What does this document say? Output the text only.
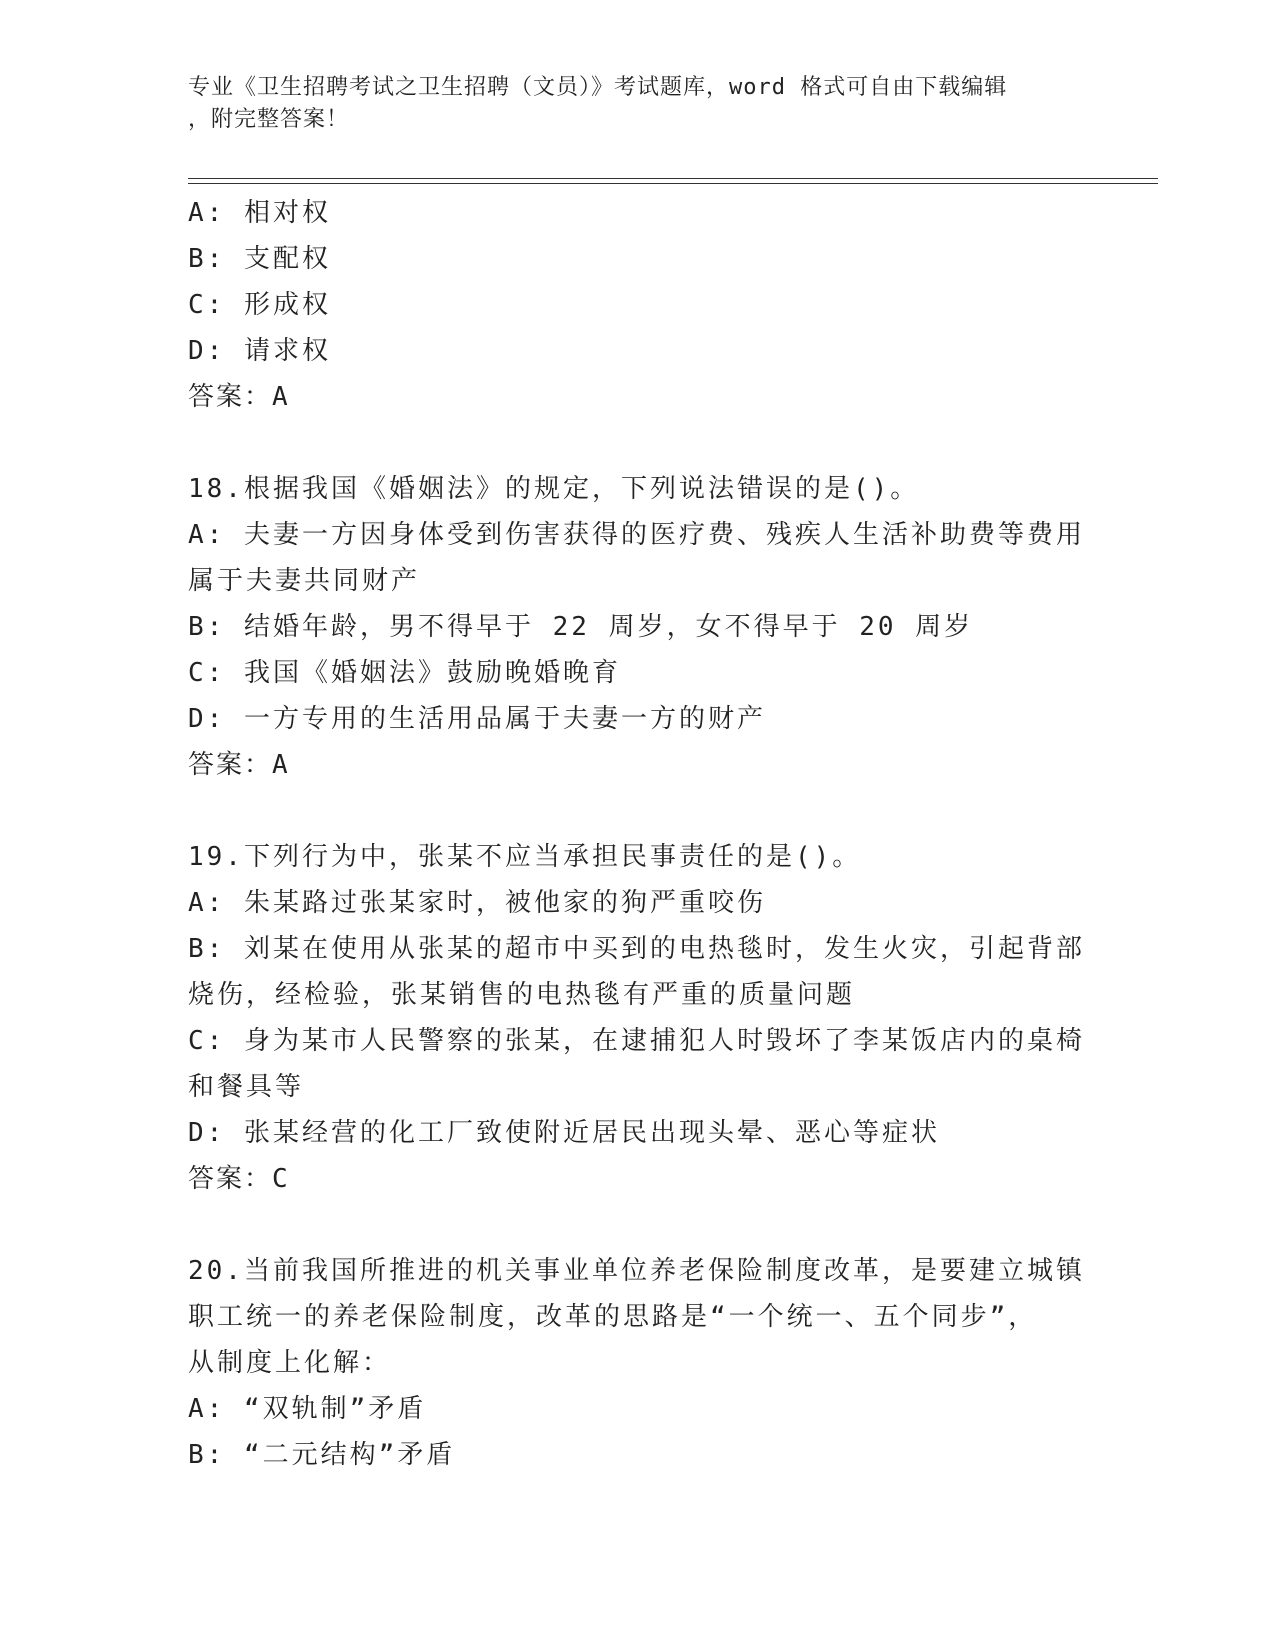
专业《卫生招聘考试之卫生招聘（文员）》考试题库，word 格式可自由下载编辑
，附完整答案！
A: 相对权
B: 支配权
C: 形成权
D: 请求权
答案：A
18.根据我国《婚姻法》的规定，下列说法错误的是()。
A: 夫妻一方因身体受到伤害获得的医疗费、残疾人生活补助费等费用
属于夫妻共同财产
B: 结婚年龄，男不得早于 22 周岁，女不得早于 20 周岁
C: 我国《婚姻法》鼓励晚婚晚育
D: 一方专用的生活用品属于夫妻一方的财产
答案：A
19.下列行为中，张某不应当承担民事责任的是()。
A: 朱某路过张某家时，被他家的狗严重咬伤
B: 刘某在使用从张某的超市中买到的电热毯时，发生火灾，引起背部
烧伤，经检验，张某销售的电热毯有严重的质量问题
C: 身为某市人民警察的张某，在逮捕犯人时毁坏了李某饭店内的桌椅
和餐具等
D: 张某经营的化工厂致使附近居民出现头晕、恶心等症状
答案：C
20.当前我国所推进的机关事业单位养老保险制度改革，是要建立城镇
职工统一的养老保险制度，改革的思路是“一个统一、五个同步”，
从制度上化解：
A: “双轨制”矛盾
B: “二元结构”矛盾
